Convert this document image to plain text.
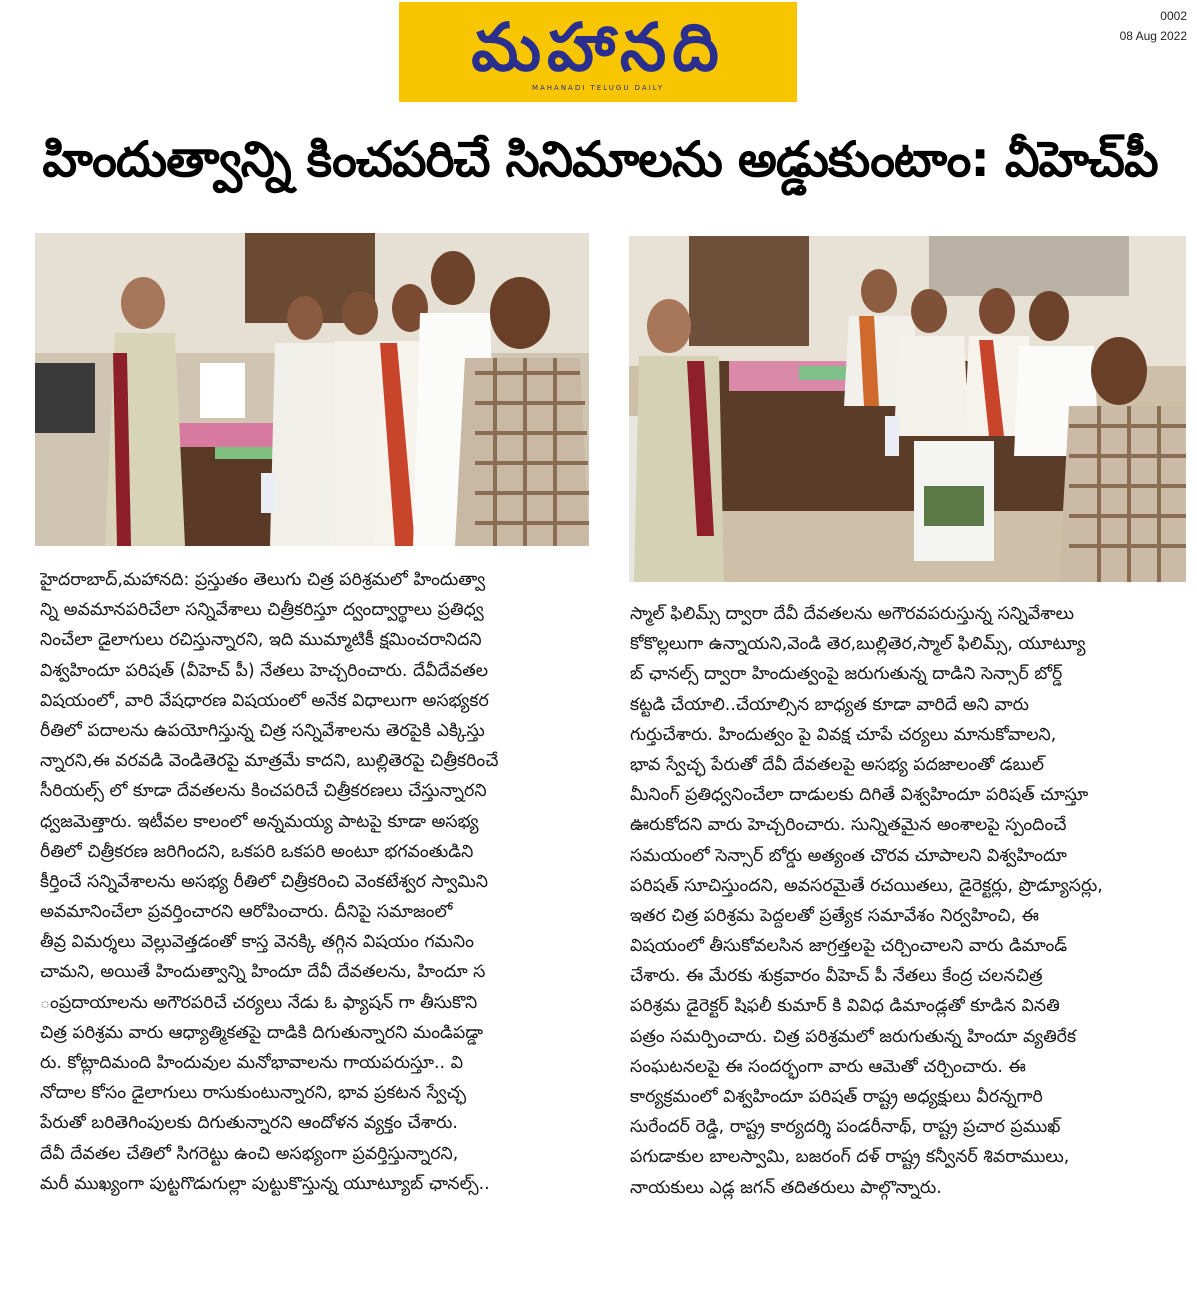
మహానది
MAHANADI TELUGU DAILY
0002
08 Aug 2022
హిందుత్వాన్ని కించపరిచే సినిమాలను అడ్డుకుంటాం: వీహెచ్‌పీ
హైదరాబాద్,మహానది: ప్రస్తుతం తెలుగు చిత్ర పరిశ్రమలో హిందుత్వా
న్ని అవమానపరిచేలా సన్నివేశాలు చిత్రీకరిస్తూ ద్వంద్వార్థాలు ప్రతిధ్వ
నించేలా డైలాగులు రచిస్తున్నారని, ఇది ముమ్మాటికీ క్షమించరానిదని
విశ్వహిందూ పరిషత్ (వీహెచ్ పీ) నేతలు హెచ్చరించారు. దేవీదేవతల
విషయంలో, వారి వేషధారణ విషయంలో అనేక విధాలుగా అసభ్యకర
రీతిలో పదాలను ఉపయోగిస్తున్న చిత్ర సన్నివేశాలను తెరపైకి ఎక్కిస్తు
న్నారని,ఈ వరవడి వెండితెరపై మాత్రమే కాదని, బుల్లితెరపై చిత్రీకరించే
సీరియల్స్ లో కూడా దేవతలను కించపరిచే చిత్రీకరణలు చేస్తున్నారని
ధ్వజమెత్తారు. ఇటీవల కాలంలో అన్నమయ్య పాటపై కూడా అసభ్య
రీతిలో చిత్రీకరణ జరిగిందని, ఒకపరి ఒకపరి అంటూ భగవంతుడిని
కీర్తించే సన్నివేశాలను అసభ్య రీతిలో చిత్రీకరించి వెంకటేశ్వర స్వామిని
అవమానించేలా ప్రవర్తించారని ఆరోపించారు. దీనిపై సమాజంలో
తీవ్ర విమర్శలు వెల్లువెత్తడంతో కాస్త వెనక్కి తగ్గిన విషయం గమనిం
చామని, అయితే హిందుత్వాన్ని హిందూ దేవీ దేవతలను, హిందూ స
ంప్రదాయాలను అగౌరపరిచే చర్యలు నేడు ఓ ఫ్యాషన్ గా తీసుకొని
చిత్ర పరిశ్రమ వారు ఆధ్యాత్మికతపై దాడికి దిగుతున్నారని మండిపడ్డా
రు. కోట్లాదిమంది హిందువుల మనోభావాలను గాయపరుస్తూ.. వి
నోదాల కోసం డైలాగులు రాసుకుంటున్నారని, భావ ప్రకటన స్వేచ్ఛ
పేరుతో బరితెగింపులకు దిగుతున్నారని ఆందోళన వ్యక్తం చేశారు.
దేవీ దేవతల చేతిలో సిగరెట్టు ఉంచి అసభ్యంగా ప్రవర్తిస్తున్నారని,
మరీ ముఖ్యంగా పుట్టగొడుగుల్లా పుట్టుకొస్తున్న యూట్యూబ్ ఛానల్స్..
స్మాల్ ఫిలిమ్స్ ద్వారా దేవీ దేవతలను అగౌరవపరుస్తున్న సన్నివేశాలు
కోకొల్లలుగా ఉన్నాయని,వెండి తెర,బుల్లితెర,స్మాల్ ఫిలిమ్స్, యూట్యూ
బ్ ఛానల్స్ ద్వారా హిందుత్వంపై జరుగుతున్న దాడిని సెన్సార్ బోర్డ్
కట్టడి చేయాలి..చేయాల్సిన బాధ్యత కూడా వారిదే అని వారు
గుర్తుచేశారు. హిందుత్వం పై వివక్ష చూపే చర్యలు మానుకోవాలని,
భావ స్వేచ్ఛ పేరుతో దేవీ దేవతలపై అసభ్య పదజాలంతో డబుల్
మీనింగ్ ప్రతిధ్వనించేలా దాడులకు దిగితే విశ్వహిందూ పరిషత్ చూస్తూ
ఊరుకోదని వారు హెచ్చరించారు. సున్నితమైన అంశాలపై స్పందించే
సమయంలో సెన్సార్ బోర్డు అత్యంత చొరవ చూపాలని విశ్వహిందూ
పరిషత్ సూచిస్తుందని, అవసరమైతే రచయితలు, డైరెక్టర్లు, ప్రొడ్యూసర్లు,
ఇతర చిత్ర పరిశ్రమ పెద్దలతో ప్రత్యేక సమావేశం నిర్వహించి, ఈ
విషయంలో తీసుకోవలసిన జాగ్రత్తలపై చర్చించాలని వారు డిమాండ్
చేశారు. ఈ మేరకు శుక్రవారం వీహెచ్ పీ నేతలు కేంద్ర చలనచిత్ర
పరిశ్రమ డైరెక్టర్ షిఫలీ కుమార్ కి వివిధ డిమాండ్లతో కూడిన వినతి
పత్రం సమర్పించారు. చిత్ర పరిశ్రమలో జరుగుతున్న హిందూ వ్యతిరేక
సంఘటనలపై ఈ సందర్భంగా వారు ఆమెతో చర్చించారు. ఈ
కార్యక్రమంలో విశ్వహిందూ పరిషత్ రాష్ట్ర అధ్యక్షులు వీరన్నగారి
సురేందర్ రెడ్డి, రాష్ట్ర కార్యదర్శి పండరీనాథ్, రాష్ట్ర ప్రచార ప్రముఖ్
పగుడాకుల బాలస్వామి, బజరంగ్ దళ్ రాష్ట్ర కన్వీనర్ శివరాములు,
నాయకులు ఎడ్ల జగన్ తదితరులు పాల్గొన్నారు.
